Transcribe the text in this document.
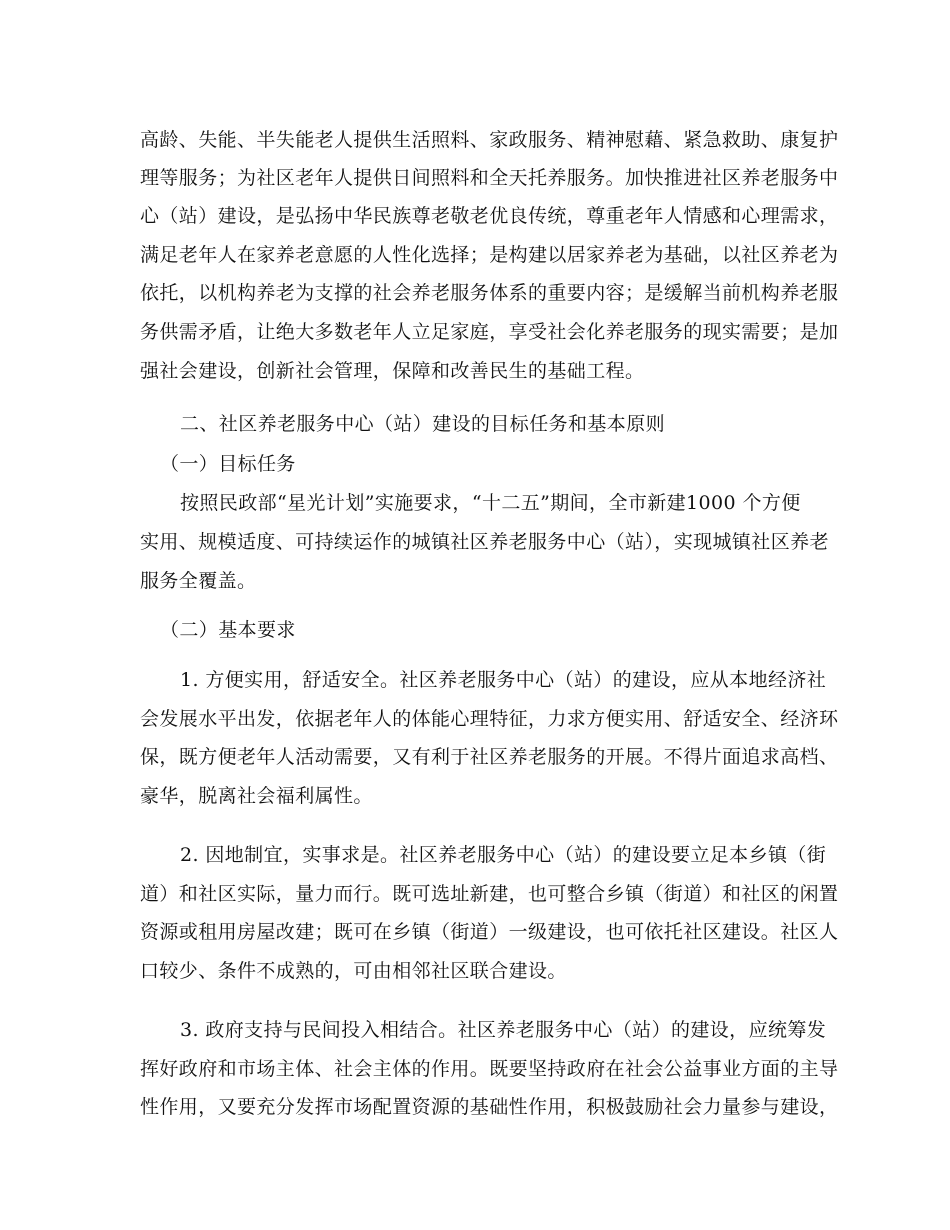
高龄、失能、半失能老人提供生活照料、家政服务、精神慰藉、紧急救助、康复护
理等服务；为社区老年人提供日间照料和全天托养服务。加快推进社区养老服务中
心（站）建设，是弘扬中华民族尊老敬老优良传统，尊重老年人情感和心理需求，
满足老年人在家养老意愿的人性化选择；是构建以居家养老为基础，以社区养老为
依托，以机构养老为支撑的社会养老服务体系的重要内容；是缓解当前机构养老服
务供需矛盾，让绝大多数老年人立足家庭，享受社会化养老服务的现实需要；是加
强社会建设，创新社会管理，保障和改善民生的基础工程。
二、社区养老服务中心（站）建设的目标任务和基本原则
（一）目标任务
按照民政部“星光计划”实施要求，“十二五”期间，全市新建1000 个方便
实用、规模适度、可持续运作的城镇社区养老服务中心（站），实现城镇社区养老
服务全覆盖。
（二）基本要求
1. 方便实用，舒适安全。社区养老服务中心（站）的建设，应从本地经济社
会发展水平出发，依据老年人的体能心理特征，力求方便实用、舒适安全、经济环
保，既方便老年人活动需要，又有利于社区养老服务的开展。不得片面追求高档、
豪华，脱离社会福利属性。
2. 因地制宜，实事求是。社区养老服务中心（站）的建设要立足本乡镇（街
道）和社区实际，量力而行。既可选址新建，也可整合乡镇（街道）和社区的闲置
资源或租用房屋改建；既可在乡镇（街道）一级建设，也可依托社区建设。社区人
口较少、条件不成熟的，可由相邻社区联合建设。
3. 政府支持与民间投入相结合。社区养老服务中心（站）的建设，应统筹发
挥好政府和市场主体、社会主体的作用。既要坚持政府在社会公益事业方面的主导
性作用，又要充分发挥市场配置资源的基础性作用，积极鼓励社会力量参与建设，
